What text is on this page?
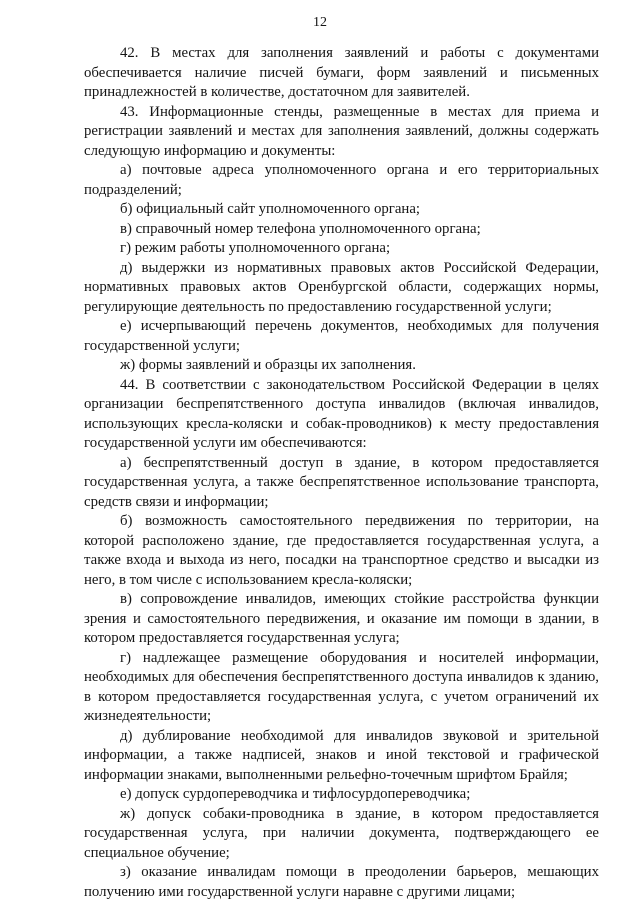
12

42. В местах для заполнения заявлений и работы с документами обеспечивается наличие писчей бумаги, форм заявлений и письменных принадлежностей в количестве, достаточном для заявителей.

43. Информационные стенды, размещенные в местах для приема и регистрации заявлений и местах для заполнения заявлений, должны содержать следующую информацию и документы:

а) почтовые адреса уполномоченного органа и его территориальных подразделений;

б) официальный сайт уполномоченного органа;

в) справочный номер телефона уполномоченного органа;

г) режим работы уполномоченного органа;

д) выдержки из нормативных правовых актов Российской Федерации, нормативных правовых актов Оренбургской области, содержащих нормы, регулирующие деятельность по предоставлению государственной услуги;

е) исчерпывающий перечень документов, необходимых для получения государственной услуги;

ж) формы заявлений и образцы их заполнения.

44. В соответствии с законодательством Российской Федерации в целях организации беспрепятственного доступа инвалидов (включая инвалидов, использующих кресла-коляски и собак-проводников) к месту предоставления государственной услуги им обеспечиваются:

а) беспрепятственный доступ в здание, в котором предоставляется государственная услуга, а также беспрепятственное использование транспорта, средств связи и информации;

б) возможность самостоятельного передвижения по территории, на которой расположено здание, где предоставляется государственная услуга, а также входа и выхода из него, посадки на транспортное средство и высадки из него, в том числе с использованием кресла-коляски;

в) сопровождение инвалидов, имеющих стойкие расстройства функции зрения и самостоятельного передвижения, и оказание им помощи в здании, в котором предоставляется государственная услуга;

г) надлежащее размещение оборудования и носителей информации, необходимых для обеспечения беспрепятственного доступа инвалидов к зданию, в котором предоставляется государственная услуга, с учетом ограничений их жизнедеятельности;

д) дублирование необходимой для инвалидов звуковой и зрительной информации, а также надписей, знаков и иной текстовой и графической информации знаками, выполненными рельефно-точечным шрифтом Брайля;

е) допуск сурдопереводчика и тифлосурдопереводчика;

ж) допуск собаки-проводника в здание, в котором предоставляется государственная услуга, при наличии документа, подтверждающего ее специальное обучение;

з) оказание инвалидам помощи в преодолении барьеров, мешающих получению ими государственной услуги наравне с другими лицами;
